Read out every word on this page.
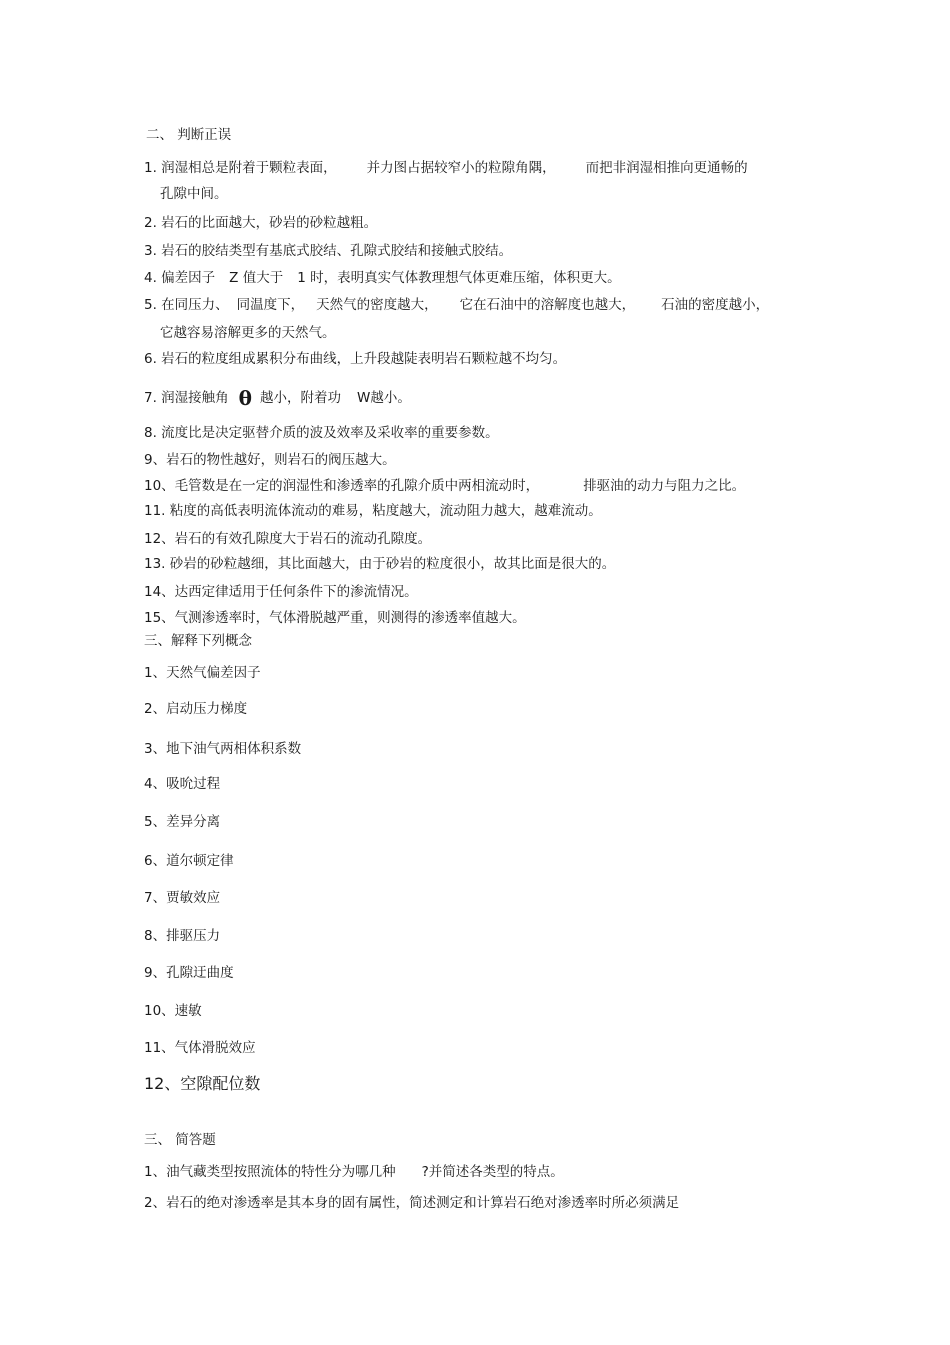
二、 判断正误
1. 润湿相总是附着于颗粒表面， 并力图占据较窄小的粒隙角隅， 而把非润湿相推向更通畅的
孔隙中间。
2. 岩石的比面越大，砂岩的砂粒越粗。
3. 岩石的胶结类型有基底式胶结、孔隙式胶结和接触式胶结。
4. 偏差因子 Z 值大于 1 时，表明真实气体教理想气体更难压缩，体积更大。
5. 在同压力、 同温度下， 天然气的密度越大， 它在石油中的溶解度也越大， 石油的密度越小，
它越容易溶解更多的天然气。
6. 岩石的粒度组成累积分布曲线，上升段越陡表明岩石颗粒越不均匀。
7. 润湿接触角 θ 越小，附着功 W越小。
8. 流度比是决定驱替介质的波及效率及采收率的重要参数。
9、岩石的物性越好，则岩石的阀压越大。
10、毛管数是在一定的润湿性和渗透率的孔隙介质中两相流动时，	排驱油的动力与阻力之比。
11. 粘度的高低表明流体流动的难易，粘度越大，流动阻力越大，越难流动。
12、岩石的有效孔隙度大于岩石的流动孔隙度。
13. 砂岩的砂粒越细，其比面越大，由于砂岩的粒度很小，故其比面是很大的。
14、达西定律适用于任何条件下的渗流情况。
15、气测渗透率时，气体滑脱越严重，则测得的渗透率值越大。
三、解释下列概念
1、天然气偏差因子
2、启动压力梯度
3、地下油气两相体积系数
4、吸吮过程
5、差异分离
6、道尔顿定律
7、贾敏效应
8、排驱压力
9、孔隙迂曲度
10、速敏
11、气体滑脱效应
12、空隙配位数
三、 简答题
1、油气藏类型按照流体的特性分为哪几种 ?并简述各类型的特点。
2、岩石的绝对渗透率是其本身的固有属性，简述测定和计算岩石绝对渗透率时所必须满足
